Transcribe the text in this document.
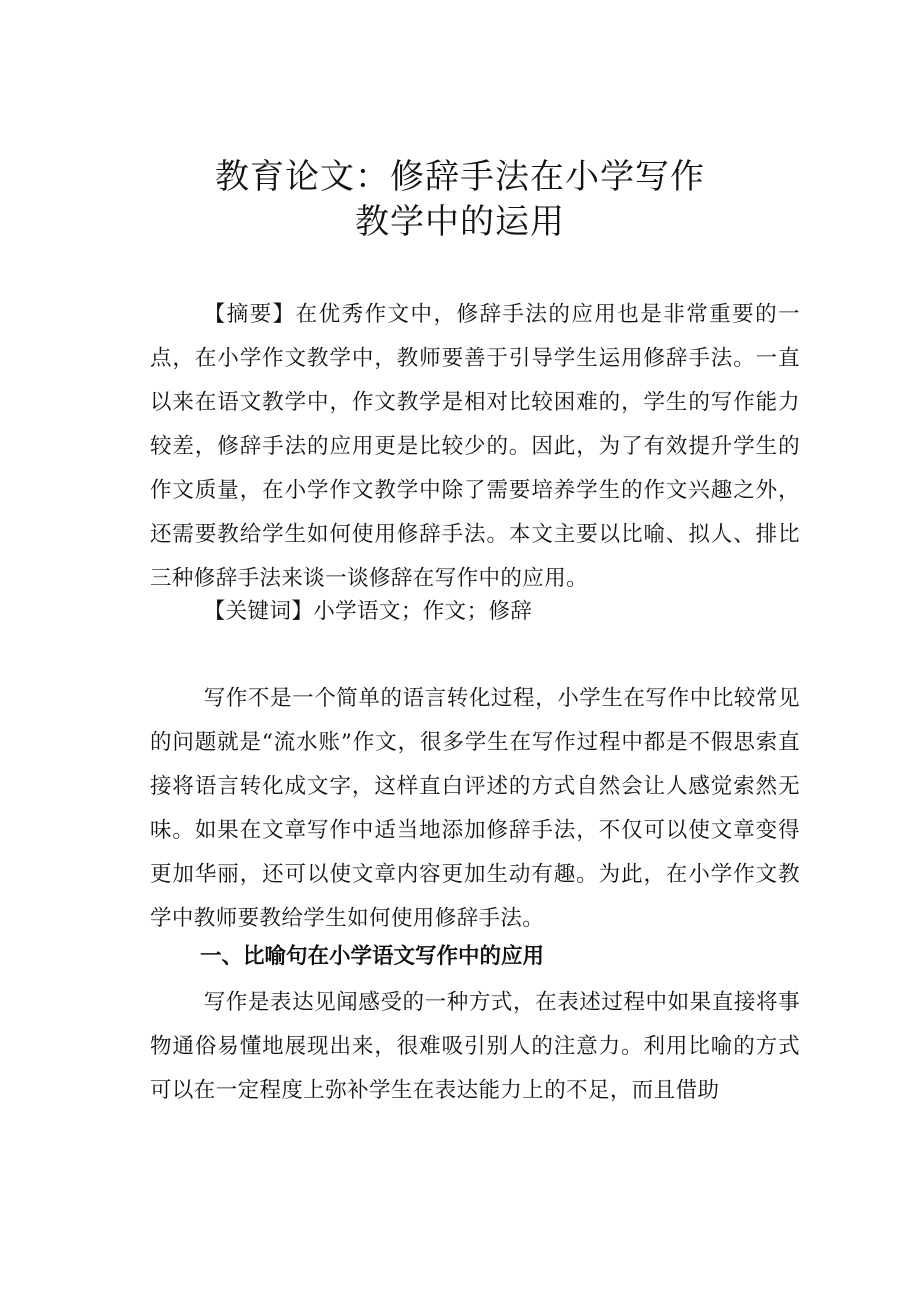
教育论文：修辞手法在小学写作
教学中的运用

【摘要】在优秀作文中，修辞手法的应用也是非常重要的一点，在小学作文教学中，教师要善于引导学生运用修辞手法。一直以来在语文教学中，作文教学是相对比较困难的，学生的写作能力较差，修辞手法的应用更是比较少的。因此，为了有效提升学生的作文质量，在小学作文教学中除了需要培养学生的作文兴趣之外，还需要教给学生如何使用修辞手法。本文主要以比喻、拟人、排比三种修辞手法来谈一谈修辞在写作中的应用。

【关键词】小学语文；作文；修辞

写作不是一个简单的语言转化过程，小学生在写作中比较常见的问题就是“流水账”作文，很多学生在写作过程中都是不假思索直接将语言转化成文字，这样直白评述的方式自然会让人感觉索然无味。如果在文章写作中适当地添加修辞手法，不仅可以使文章变得更加华丽，还可以使文章内容更加生动有趣。为此，在小学作文教学中教师要教给学生如何使用修辞手法。

一、比喻句在小学语文写作中的应用

写作是表达见闻感受的一种方式，在表述过程中如果直接将事物通俗易懂地展现出来，很难吸引别人的注意力。利用比喻的方式可以在一定程度上弥补学生在表达能力上的不足，而且借助
